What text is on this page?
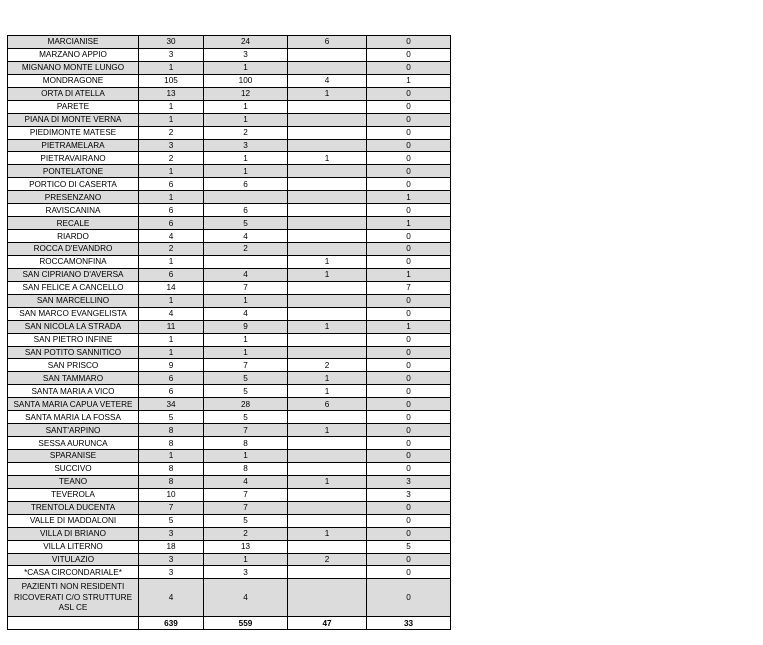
MARCIANISE	30	24	6	0
MARZANO APPIO	3	3		0
MIGNANO MONTE LUNGO	1	1		0
MONDRAGONE	105	100	4	1
ORTA DI ATELLA	13	12	1	0
PARETE	1	1		0
PIANA DI MONTE VERNA	1	1		0
PIEDIMONTE MATESE	2	2		0
PIETRAMELARA	3	3		0
PIETRAVAIRANO	2	1	1	0
PONTELATONE	1	1		0
PORTICO DI CASERTA	6	6		0
PRESENZANO	1			1
RAVISCANINA	6	6		0
RECALE	6	5		1
RIARDO	4	4		0
ROCCA D'EVANDRO	2	2		0
ROCCAMONFINA	1		1	0
SAN CIPRIANO D'AVERSA	6	4	1	1
SAN FELICE A CANCELLO	14	7		7
SAN MARCELLINO	1	1		0
SAN MARCO EVANGELISTA	4	4		0
SAN NICOLA LA STRADA	11	9	1	1
SAN PIETRO INFINE	1	1		0
SAN POTITO SANNITICO	1	1		0
SAN PRISCO	9	7	2	0
SAN TAMMARO	6	5	1	0
SANTA MARIA A VICO	6	5	1	0
SANTA MARIA CAPUA VETERE	34	28	6	0
SANTA MARIA LA FOSSA	5	5		0
SANT'ARPINO	8	7	1	0
SESSA AURUNCA	8	8		0
SPARANISE	1	1		0
SUCCIVO	8	8		0
TEANO	8	4	1	3
TEVEROLA	10	7		3
TRENTOLA DUCENTA	7	7		0
VALLE DI MADDALONI	5	5		0
VILLA DI BRIANO	3	2	1	0
VILLA LITERNO	18	13		5
VITULAZIO	3	1	2	0
*CASA CIRCONDARIALE*	3	3		0
PAZIENTI NON RESIDENTI RICOVERATI C/O STRUTTURE ASL CE	4	4		0
	639	559	47	33
